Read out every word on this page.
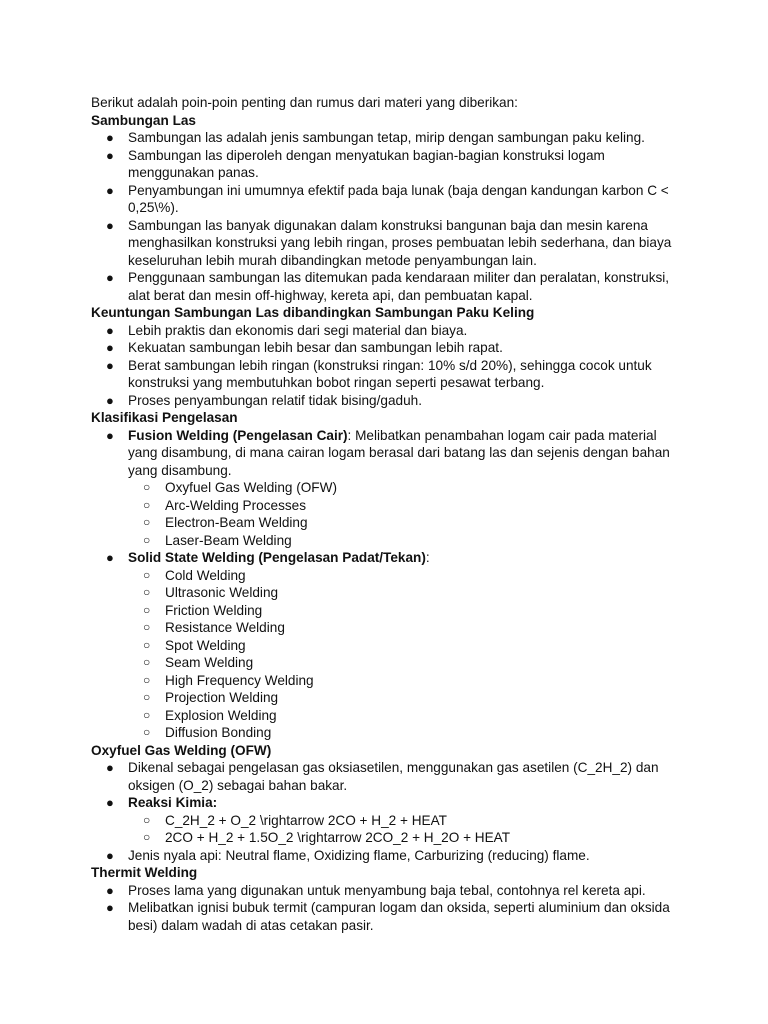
Berikut adalah poin-poin penting dan rumus dari materi yang diberikan:

Sambungan Las

● Sambungan las adalah jenis sambungan tetap, mirip dengan sambungan paku keling.
● Sambungan las diperoleh dengan menyatukan bagian-bagian konstruksi logam menggunakan panas.
● Penyambungan ini umumnya efektif pada baja lunak (baja dengan kandungan karbon C < 0,25\%).
● Sambungan las banyak digunakan dalam konstruksi bangunan baja dan mesin karena menghasilkan konstruksi yang lebih ringan, proses pembuatan lebih sederhana, dan biaya keseluruhan lebih murah dibandingkan metode penyambungan lain.
● Penggunaan sambungan las ditemukan pada kendaraan militer dan peralatan, konstruksi, alat berat dan mesin off-highway, kereta api, dan pembuatan kapal.

Keuntungan Sambungan Las dibandingkan Sambungan Paku Keling

● Lebih praktis dan ekonomis dari segi material dan biaya.
● Kekuatan sambungan lebih besar dan sambungan lebih rapat.
● Berat sambungan lebih ringan (konstruksi ringan: 10% s/d 20%), sehingga cocok untuk konstruksi yang membutuhkan bobot ringan seperti pesawat terbang.
● Proses penyambungan relatif tidak bising/gaduh.

Klasifikasi Pengelasan

● Fusion Welding (Pengelasan Cair): Melibatkan penambahan logam cair pada material yang disambung, di mana cairan logam berasal dari batang las dan sejenis dengan bahan yang disambung.
○ Oxyfuel Gas Welding (OFW)
○ Arc-Welding Processes
○ Electron-Beam Welding
○ Laser-Beam Welding
● Solid State Welding (Pengelasan Padat/Tekan):
○ Cold Welding
○ Ultrasonic Welding
○ Friction Welding
○ Resistance Welding
○ Spot Welding
○ Seam Welding
○ High Frequency Welding
○ Projection Welding
○ Explosion Welding
○ Diffusion Bonding

Oxyfuel Gas Welding (OFW)

● Dikenal sebagai pengelasan gas oksiasetilen, menggunakan gas asetilen (C_2H_2) dan oksigen (O_2) sebagai bahan bakar.
● Reaksi Kimia:
○ C_2H_2 + O_2 \rightarrow 2CO + H_2 + HEAT
○ 2CO + H_2 + 1.5O_2 \rightarrow 2CO_2 + H_2O + HEAT
● Jenis nyala api: Neutral flame, Oxidizing flame, Carburizing (reducing) flame.

Thermit Welding

● Proses lama yang digunakan untuk menyambung baja tebal, contohnya rel kereta api.
● Melibatkan ignisi bubuk termit (campuran logam dan oksida, seperti aluminium dan oksida besi) dalam wadah di atas cetakan pasir.
